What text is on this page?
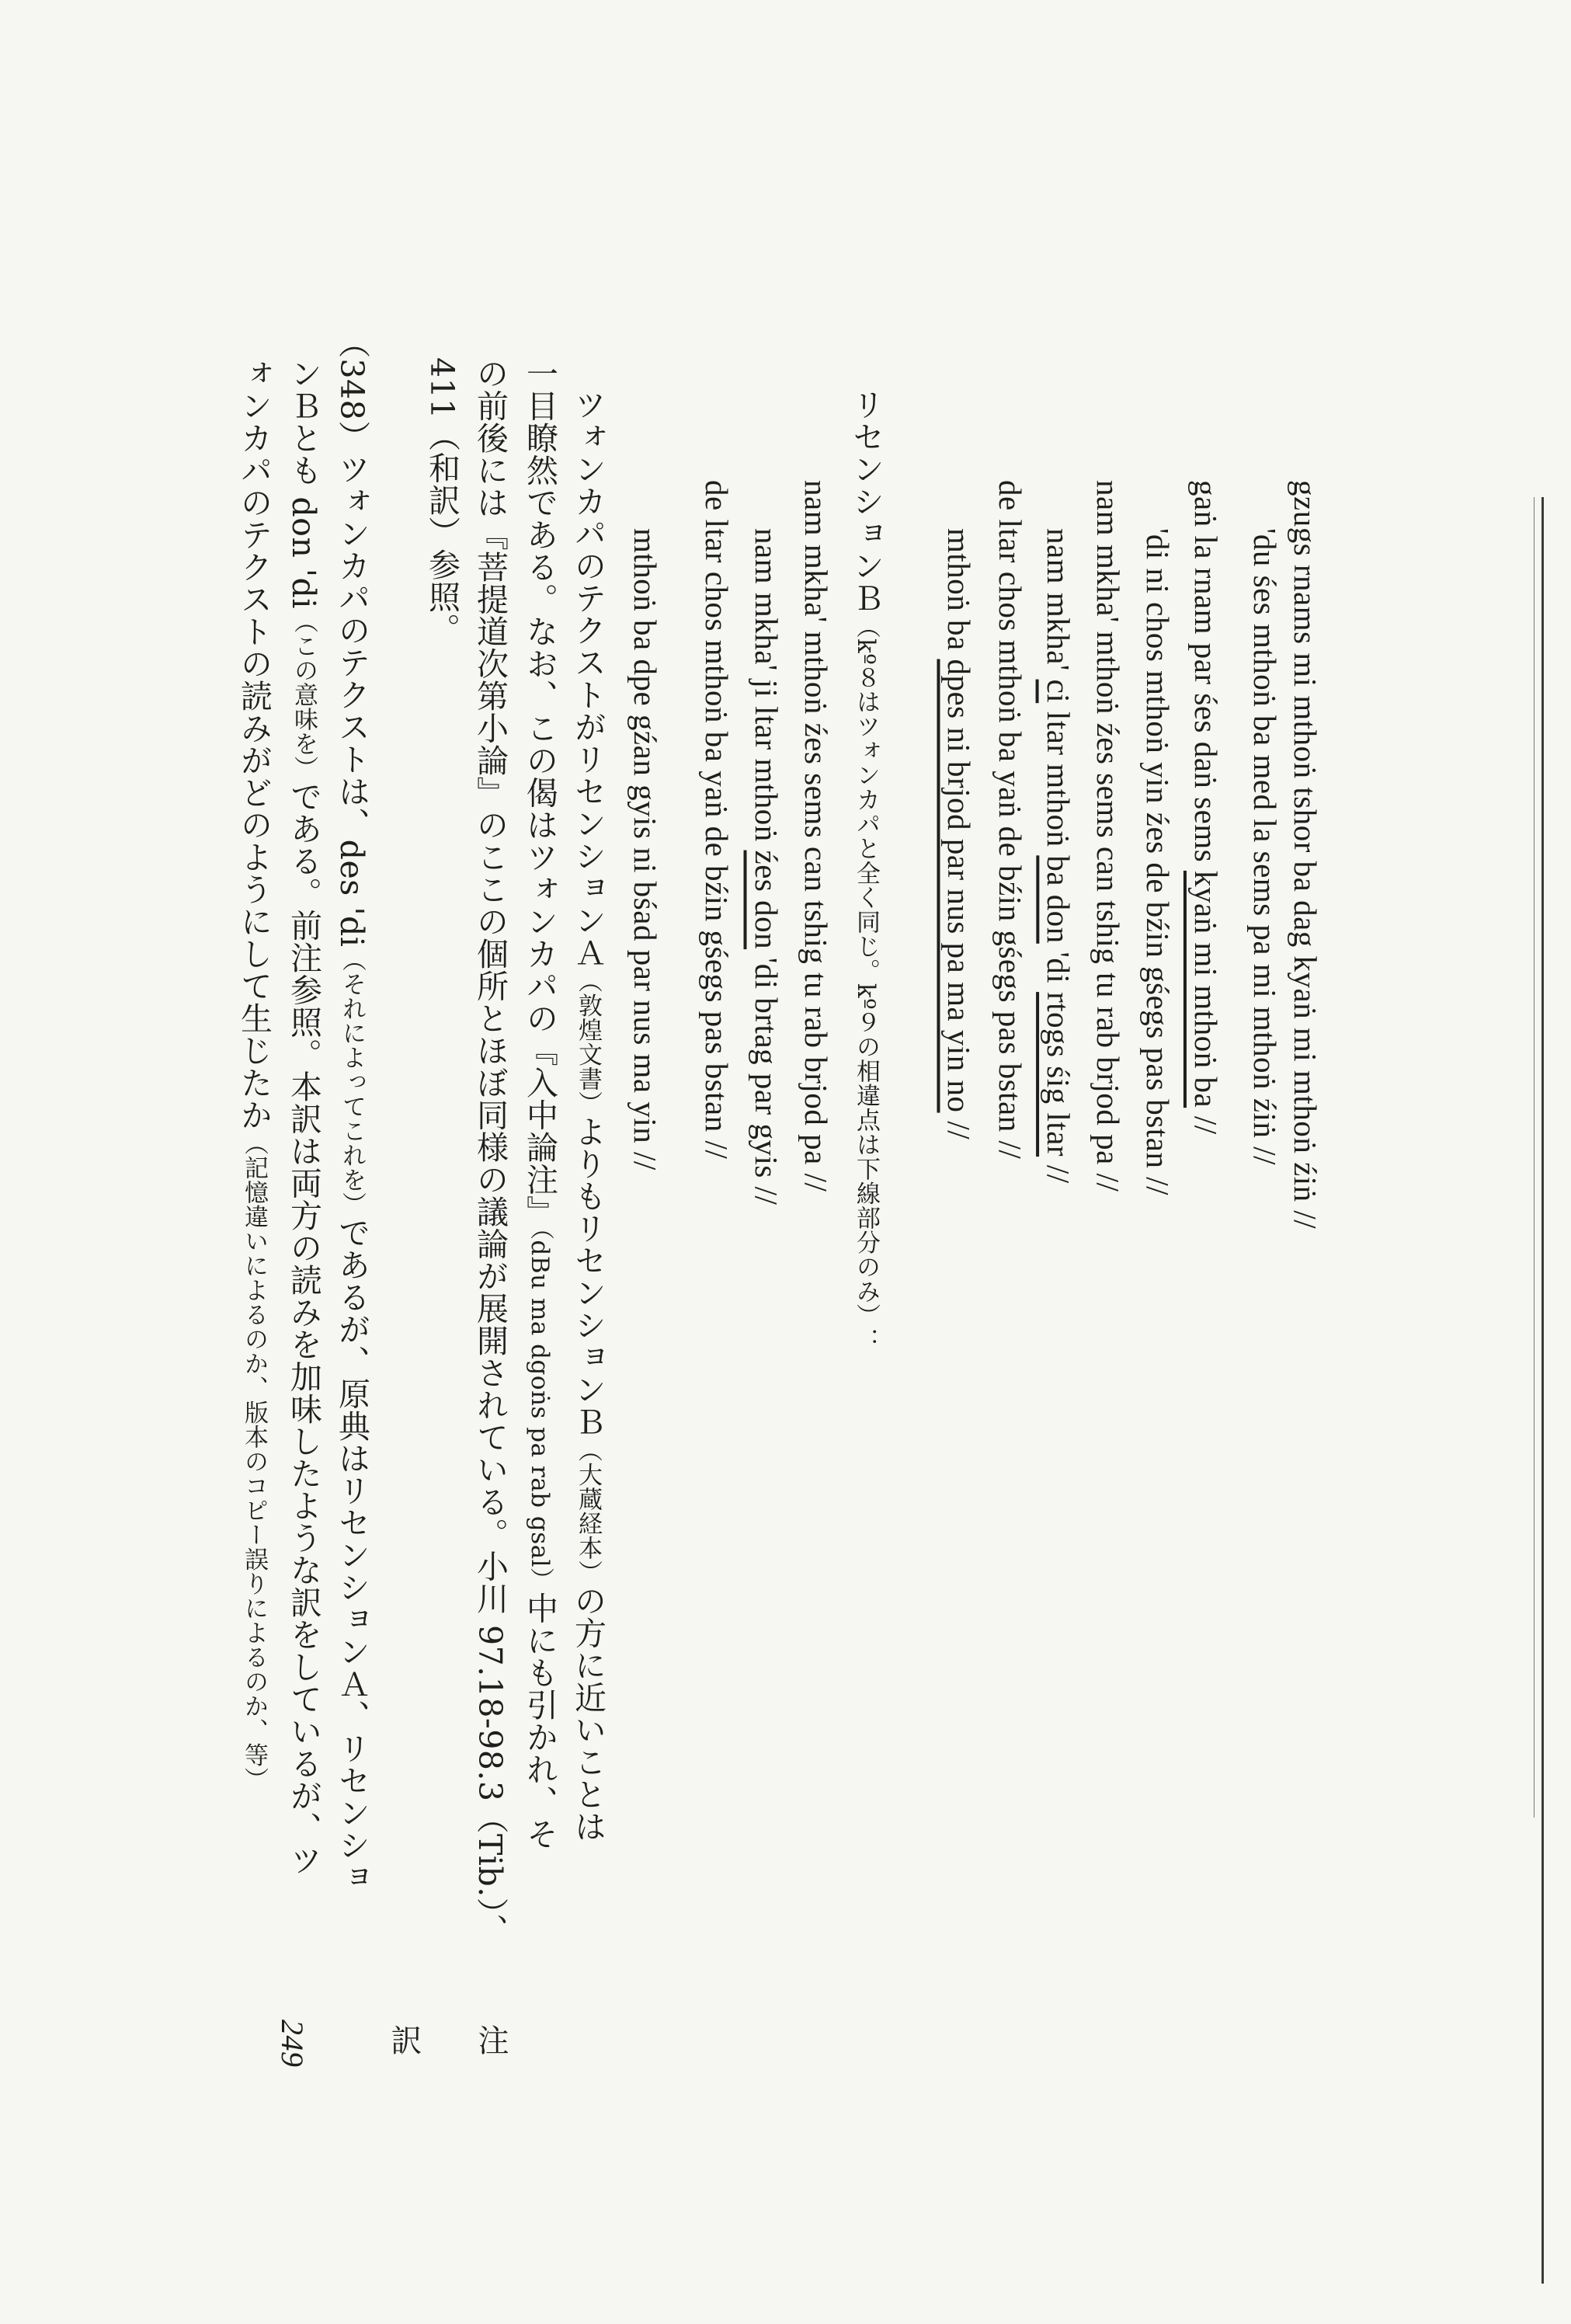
gzugs rnams mi mthoṅ tshor ba dag kyaṅ mi mthoṅ źiṅ //
'du śes mthoṅ ba med la sems pa mi mthoṅ źiṅ //
gaṅ la rnam par śes daṅ sems kyaṅ mi mthoṅ ba //
'di ni chos mthoṅ yin źes de bźin gśegs pas bstan //
nam mkha' mthoṅ źes sems can tshig tu rab brjod pa //
nam mkha' ci ltar mthoṅ ba don 'di rtogs śig ltar //
de ltar chos mthoṅ ba yaṅ de bźin gśegs pas bstan //
リセンションＢ（kº８はツォンカパと全く同じ。kº９の相違点は下線部分のみ）：
mthoṅ ba dpes ni brjod par nus pa ma yin no //
nam mkha' mthoṅ źes sems can tshig tu rab brjod pa //
nam mkha' ji ltar mthoṅ źes don 'di brtag par gyis //
de ltar chos mthoṅ ba yaṅ de bźin gśegs pas bstan //
mthoṅ ba dpe gźan gyis ni bśad par nus ma yin //
ツォンカパのテクストがリセンションＡ（敦煌文書）よりもリセンションＢ（大蔵経本）の方に近いことは
一目瞭然である。なお、この偈はツォンカパの『入中論注』（dBu ma dgoṅs pa rab gsal）中にも引かれ、そ
の前後には『菩提道次第小論』のここの個所とほぼ同様の議論が展開されている。小川 97.18‐98.3（Tib.）、
411（和訳）参照。
（348）ツォンカパのテクストは、des 'di（それによってこれを）であるが、原典はリセンションＡ、リセンショ
ンＢとも don 'di（この意味を）である。前注参照。本訳は両方の読みを加味したような訳をしているが、ツ
ォンカパのテクストの読みがどのようにして生じたか（記憶違いによるのか、版本のコピー誤りによるのか、等）
249 訳 注
